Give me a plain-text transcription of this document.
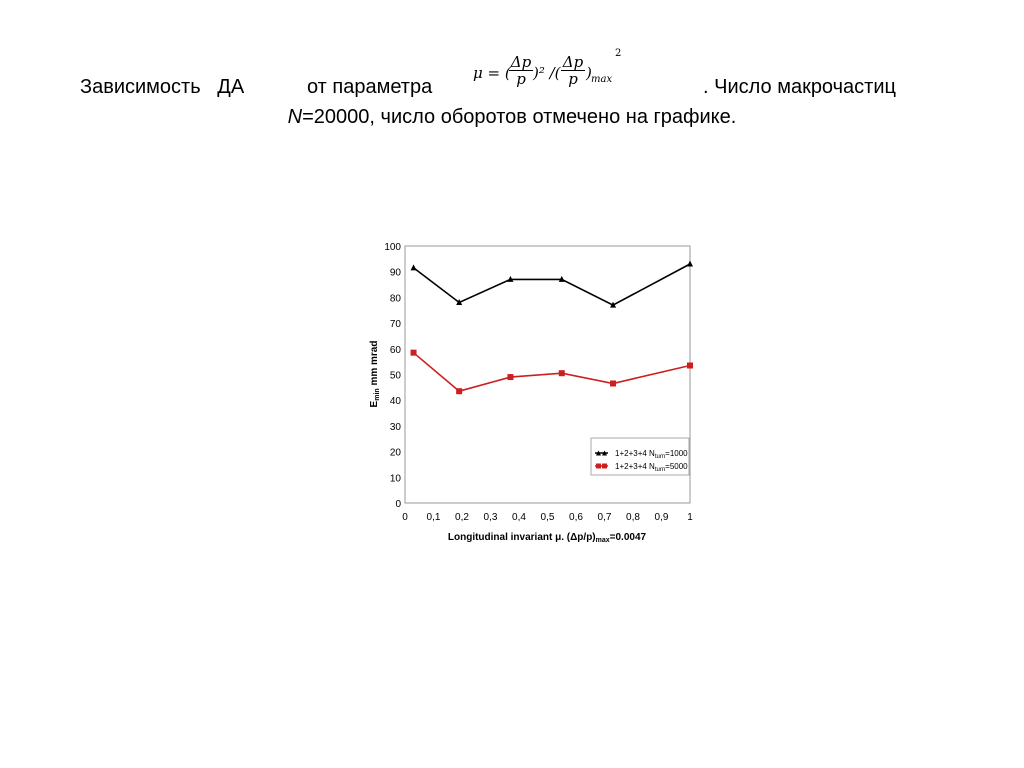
Зависимость   ДА	от параметра	. Число макрочастиц
N=20000, число оборотов отмечено на графике.
μ = (
Δp
p )² /(
Δp
p ) max
2
0
10
20
30
40
50
60
70
80
90
100
0 0,1 0,2 0,3 0,4 0,5 0,6 0,7 0,8 0,9 1
$E_{min}$ mm mrad
Longitudinal invariant μ. $(\Delta p/p)_{max}=0.0047$
1+2+3+4 $N_{turn}=1000$
1+2+3+4 $N_{turn}=5000$
